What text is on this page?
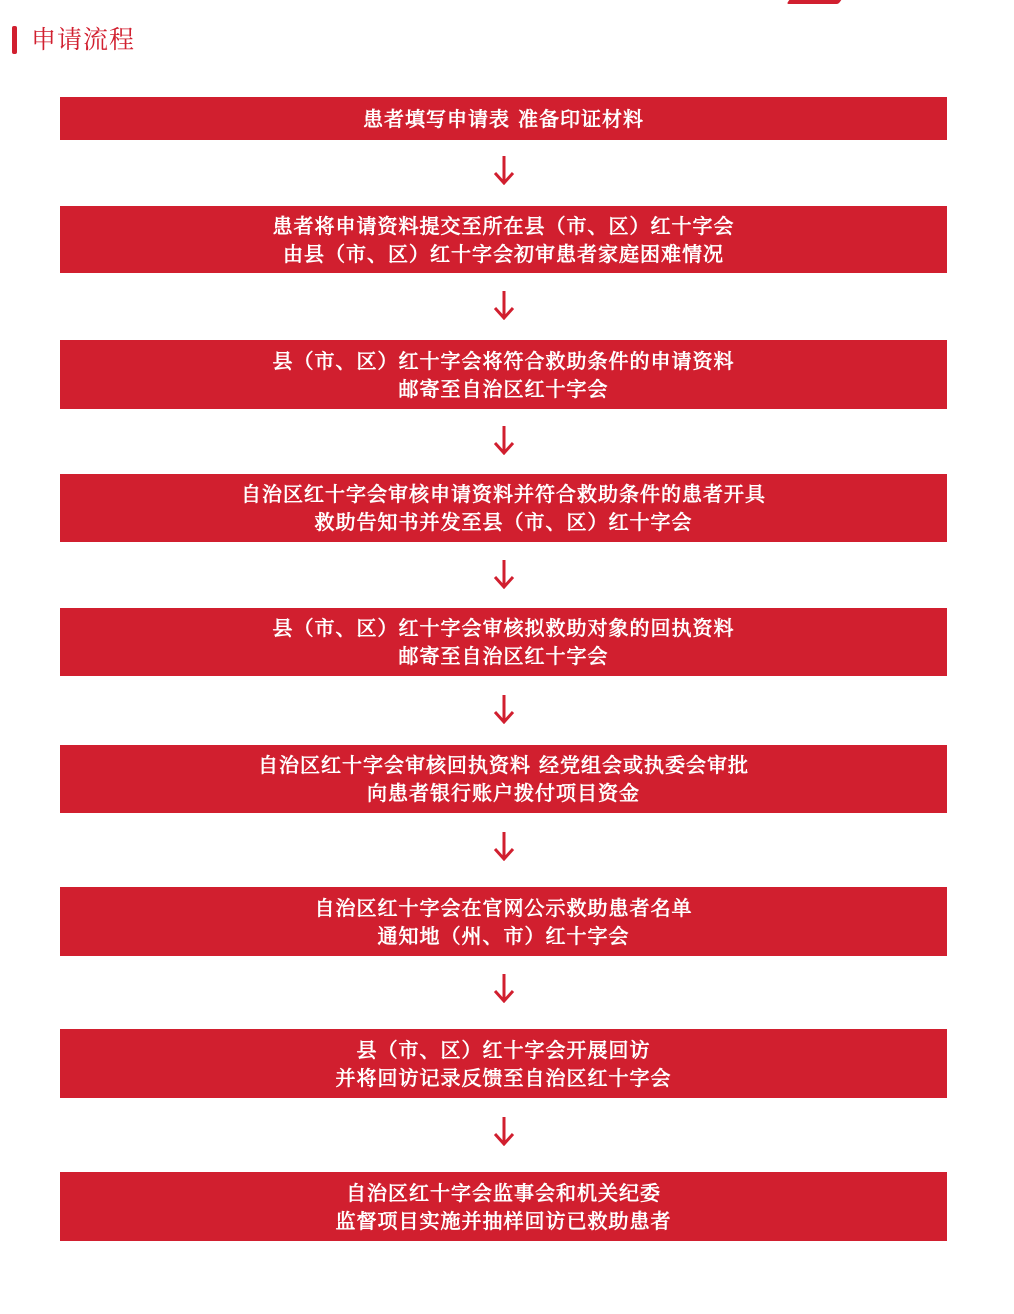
申请流程
患者填写申请表 准备印证材料
患者将申请资料提交至所在县（市、区）红十字会
由县（市、区）红十字会初审患者家庭困难情况
县（市、区）红十字会将符合救助条件的申请资料
邮寄至自治区红十字会
自治区红十字会审核申请资料并符合救助条件的患者开具
救助告知书并发至县（市、区）红十字会
县（市、区）红十字会审核拟救助对象的回执资料
邮寄至自治区红十字会
自治区红十字会审核回执资料 经党组会或执委会审批
向患者银行账户拨付项目资金
自治区红十字会在官网公示救助患者名单
通知地（州、市）红十字会
县（市、区）红十字会开展回访
并将回访记录反馈至自治区红十字会
自治区红十字会监事会和机关纪委
监督项目实施并抽样回访已救助患者
